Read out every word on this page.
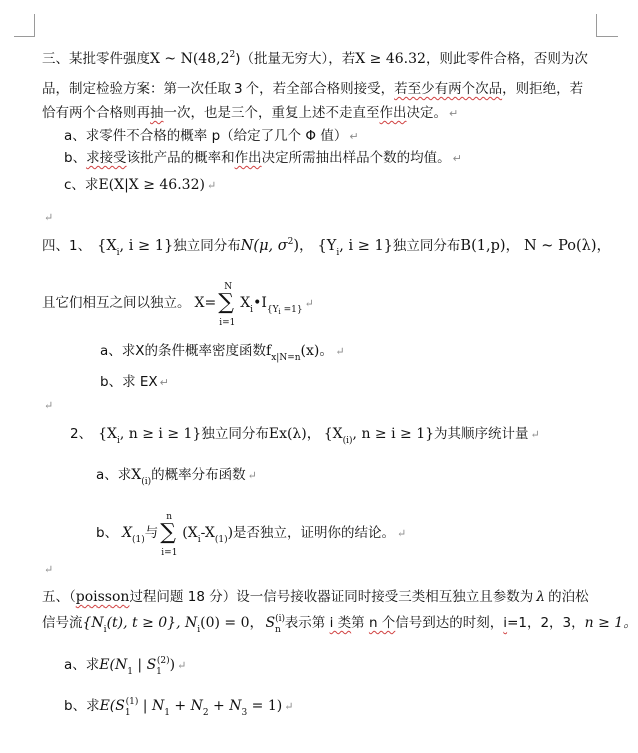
三、某批零件强度X ~ N(48,2$^2$)（批量无穷大），若X ≥ 46.32，则此零件合格，否则为次
品，制定检验方案：第一次任取 3 个，若全部合格则接受，若至少有两个次品，则拒绝，若
恰有两个合格则再抽一次，也是三个，重复上述不走直至作出决定。 ↵
a、求零件不合格的概率 p（给定了几个 Φ 值） ↵
b、求接受该批产品的概率和作出决定所需抽出样品个数的均值。 ↵
c、求E(X|X ≥ 46.32) ↵
↵
四、1、 {$X_i$, i ≥ 1}独立同分布N(μ, $\sigma^2$)， {$Y_i$, i ≥ 1}独立同分布B(1,p)， N ~ Po(λ)，
且它们相互之间以独立。 X=
N
∑
i=1
$X_i•I_{\{Yi}$ $_{=1\}}$ ↵
a、求X的条件概率密度函数$f_{x|N=n}(x)$。 ↵
b、求 EX ↵
↵
2、 {$X_i$, n ≥ i ≥ 1}独立同分布Ex(λ)， {$X_{(i)}$, n ≥ i ≥ 1}为其顺序统计量 ↵
a、求$X_{(i)}$的概率分布函数 ↵
b、 $X_{(1)}$与
n
∑
i=1
$(X_i-X_{(1)})$是否独立，证明你的结论。 ↵
↵
五、（poisson过程问题 18 分）设一信号接收器证同时接受三类相互独立且参数为 λ 的泊松
信号流{$N_i(t)$, t ≥ 0}, $N_i(0) = 0$， $S^{(i)}_n$ 表示第 i 类第 n 个信号到达的时刻，i=1，2，3，n ≥ 1。
a、求$E(N_1$ | $S_1^{(2)}$) ↵
b、求$E(S_1^{(1)}$ | $N_1 + N_2 + N_3 = 1$) ↵
